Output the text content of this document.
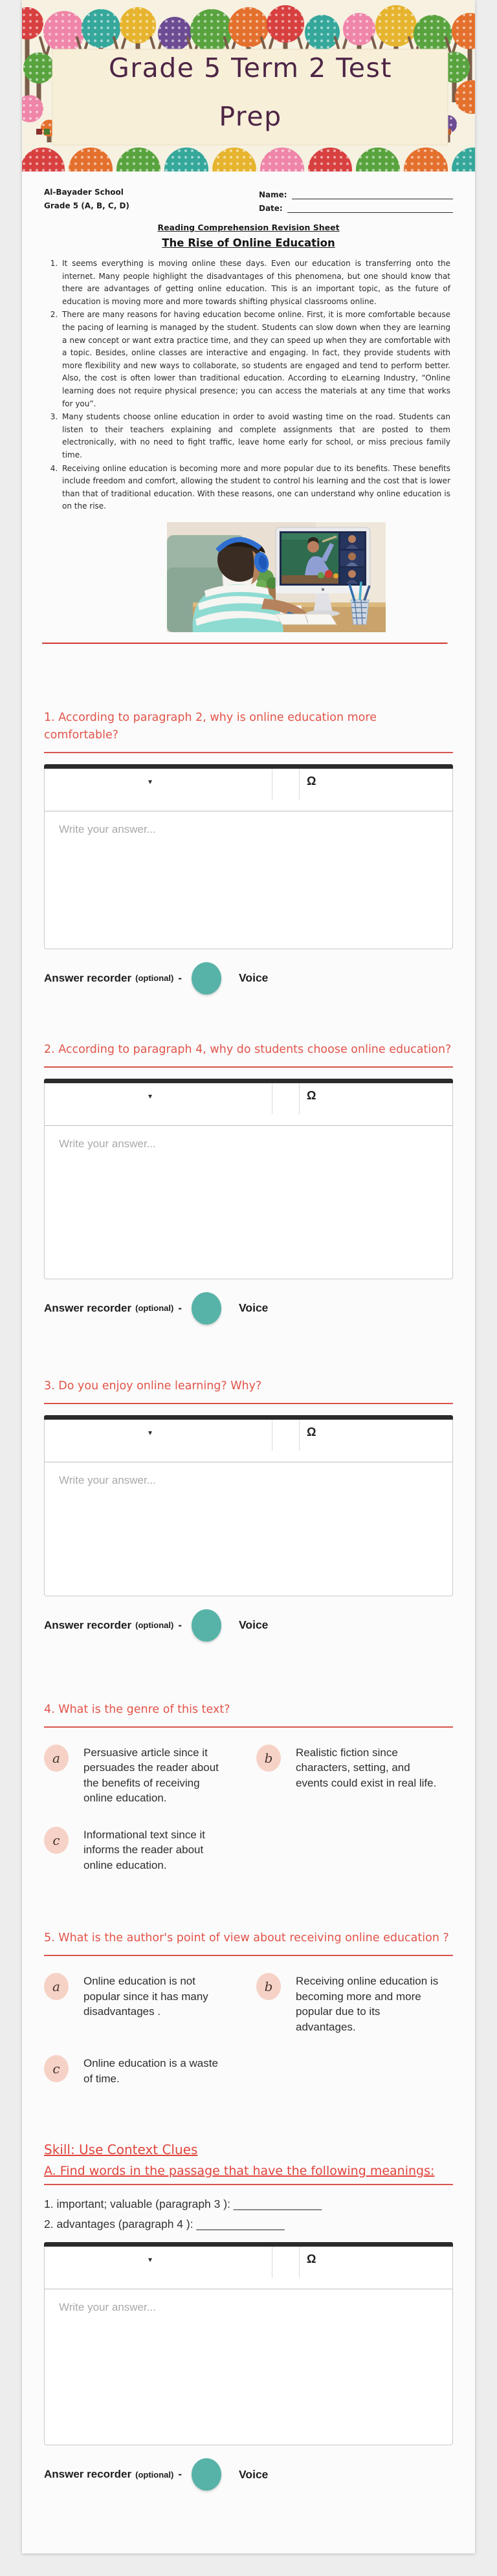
Grade 5 Term 2 Test
Prep
Al-Bayader School
Grade 5 (A, B, C, D)
Name:
Date:
Reading Comprehension Revision Sheet
The Rise of Online Education
1. It seems everything is moving online these days. Even our education is transferring onto the internet. Many people highlight the disadvantages of this phenomena, but one should know that there are advantages of getting online education. This is an important topic, as the future of education is moving more and more towards shifting physical classrooms online.
2. There are many reasons for having education become online. First, it is more comfortable because the pacing of learning is managed by the student. Students can slow down when they are learning a new concept or want extra practice time, and they can speed up when they are comfortable with a topic. Besides, online classes are interactive and engaging. In fact, they provide students with more flexibility and new ways to collaborate, so students are engaged and tend to perform better. Also, the cost is often lower than traditional education. According to eLearning Industry, “Online learning does not require physical presence; you can access the materials at any time that works for you”.
3. Many students choose online education in order to avoid wasting time on the road. Students can listen to their teachers explaining and complete assignments that are posted to them electronically, with no need to fight traffic, leave home early for school, or miss precious family time.
4. Receiving online education is becoming more and more popular due to its benefits. These benefits include freedom and comfort, allowing the student to control his learning and the cost that is lower than that of traditional education. With these reasons, one can understand why online education is on the rise.
1. According to paragraph 2, why is online education more comfortable?
▾	Ω
Write your answer...
Answer recorder (optional) -	Voice
2. According to paragraph 4, why do students choose online education?
▾	Ω
Write your answer...
Answer recorder (optional) -	Voice
3. Do you enjoy online learning? Why?
▾	Ω
Write your answer...
Answer recorder (optional) -	Voice
4. What is the genre of this text?
a	Persuasive article since it persuades the reader about the benefits of receiving online education.
b	Realistic fiction since characters, setting, and events could exist in real life.
c	Informational text since it informs the reader about online education.
5. What is the author's point of view about receiving online education ?
a	Online education is not popular since it has many disadvantages .
b	Receiving online education is becoming more and more popular due to its advantages.
c	Online education is a waste of time.
Skill: Use Context Clues
A. Find words in the passage that have the following meanings:
1. important; valuable (paragraph 3 ): ______________
2. advantages (paragraph 4 ): ______________
▾	Ω
Write your answer...
Answer recorder (optional) -	Voice
